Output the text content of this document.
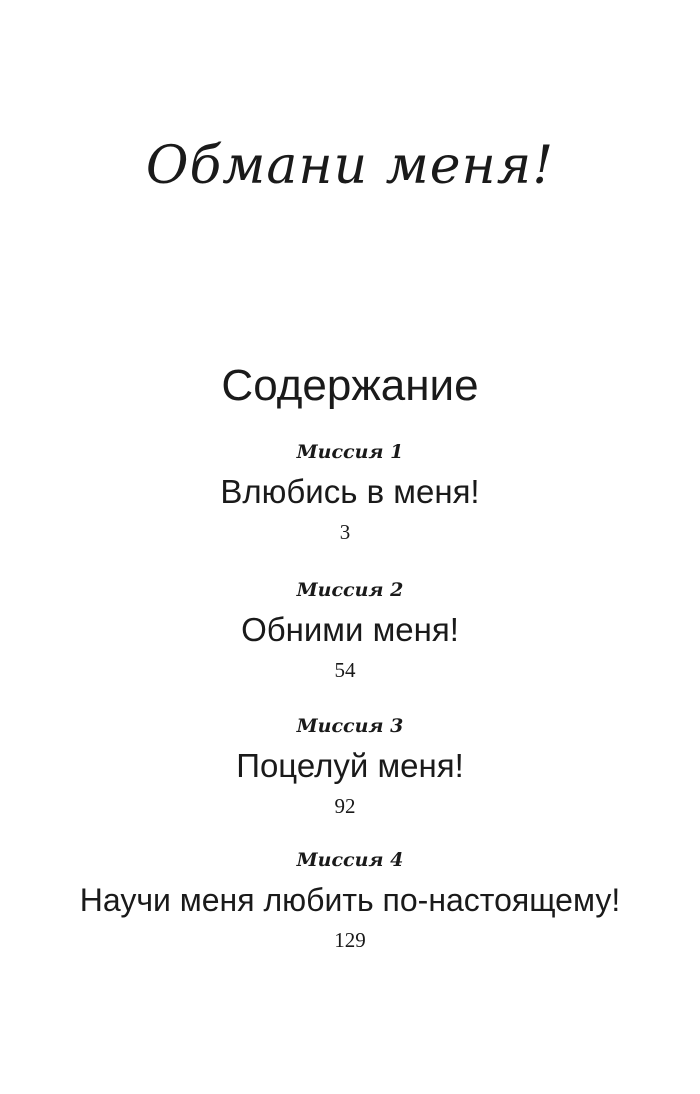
Обмани меня!
Содержание
Миссия 1
Влюбись в меня!
3
Миссия 2
Обними меня!
54
Миссия 3
Поцелуй меня!
92
Миссия 4
Научи меня любить по-настоящему!
129
